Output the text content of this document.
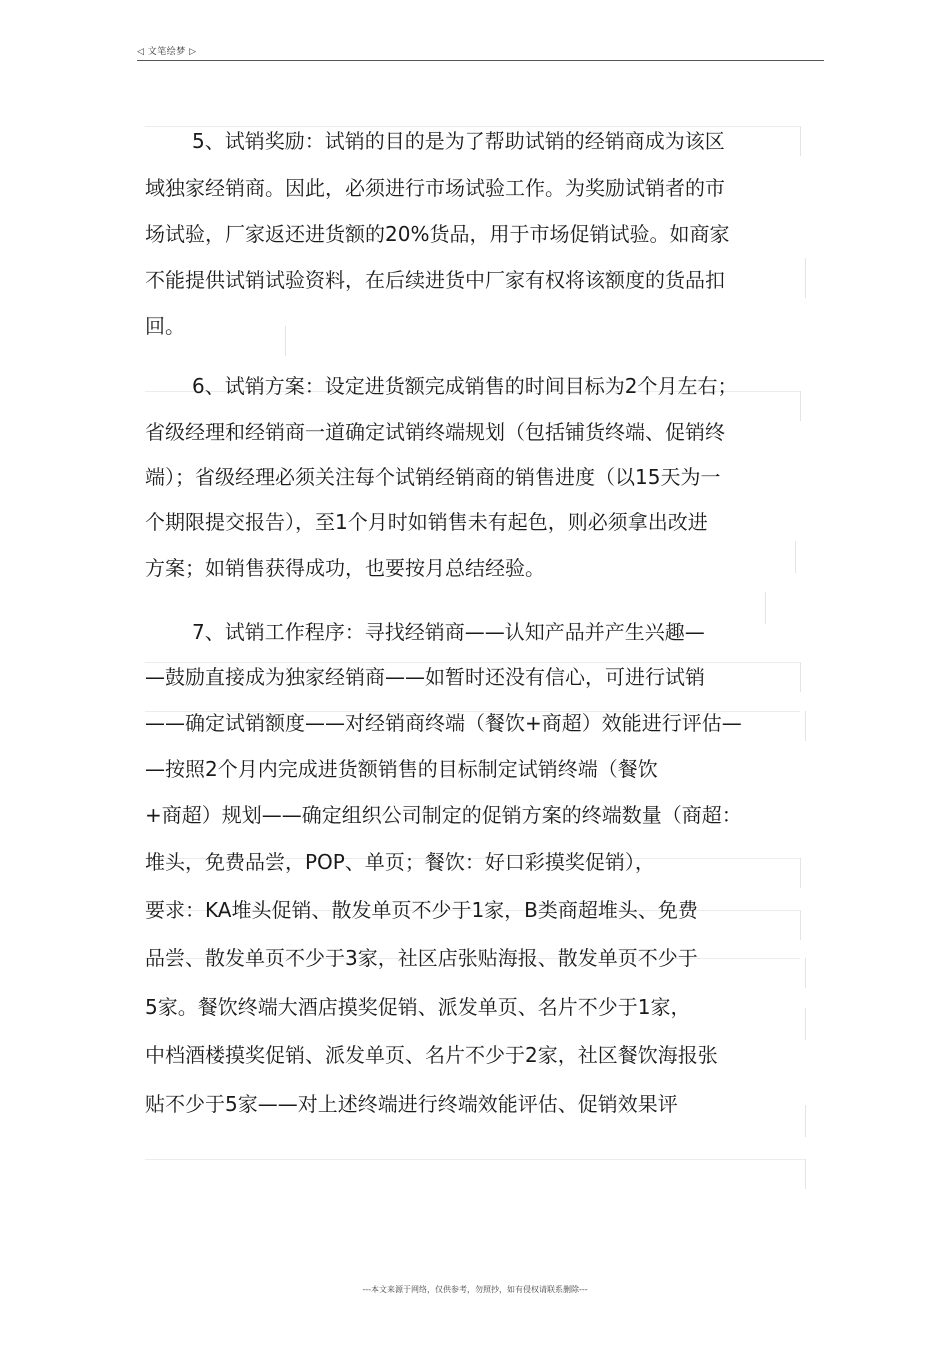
◁ 文笔绘梦 ▷
5、试销奖励：试销的目的是为了帮助试销的经销商成为该区
域独家经销商。因此，必须进行市场试验工作。为奖励试销者的市
场试验，厂家返还进货额的20%货品，用于市场促销试验。如商家
不能提供试销试验资料，在后续进货中厂家有权将该额度的货品扣
回。
6、试销方案：设定进货额完成销售的时间目标为2个月左右；
省级经理和经销商一道确定试销终端规划（包括铺货终端、促销终
端）；省级经理必须关注每个试销经销商的销售进度（以15天为一
个期限提交报告），至1个月时如销售未有起色，则必须拿出改进
方案；如销售获得成功，也要按月总结经验。
7、试销工作程序：寻找经销商——认知产品并产生兴趣—
—鼓励直接成为独家经销商——如暂时还没有信心，可进行试销
——确定试销额度——对经销商终端（餐饮+商超）效能进行评估—
—按照2个月内完成进货额销售的目标制定试销终端（餐饮
+商超）规划——确定组织公司制定的促销方案的终端数量（商超：
堆头，免费品尝，POP、单页；餐饮：好口彩摸奖促销），
要求：KA堆头促销、散发单页不少于1家，B类商超堆头、免费
品尝、散发单页不少于3家，社区店张贴海报、散发单页不少于
5家。餐饮终端大酒店摸奖促销、派发单页、名片不少于1家，
中档酒楼摸奖促销、派发单页、名片不少于2家，社区餐饮海报张
贴不少于5家——对上述终端进行终端效能评估、促销效果评
---本文来源于网络，仅供参考，勿照抄，如有侵权请联系删除---
